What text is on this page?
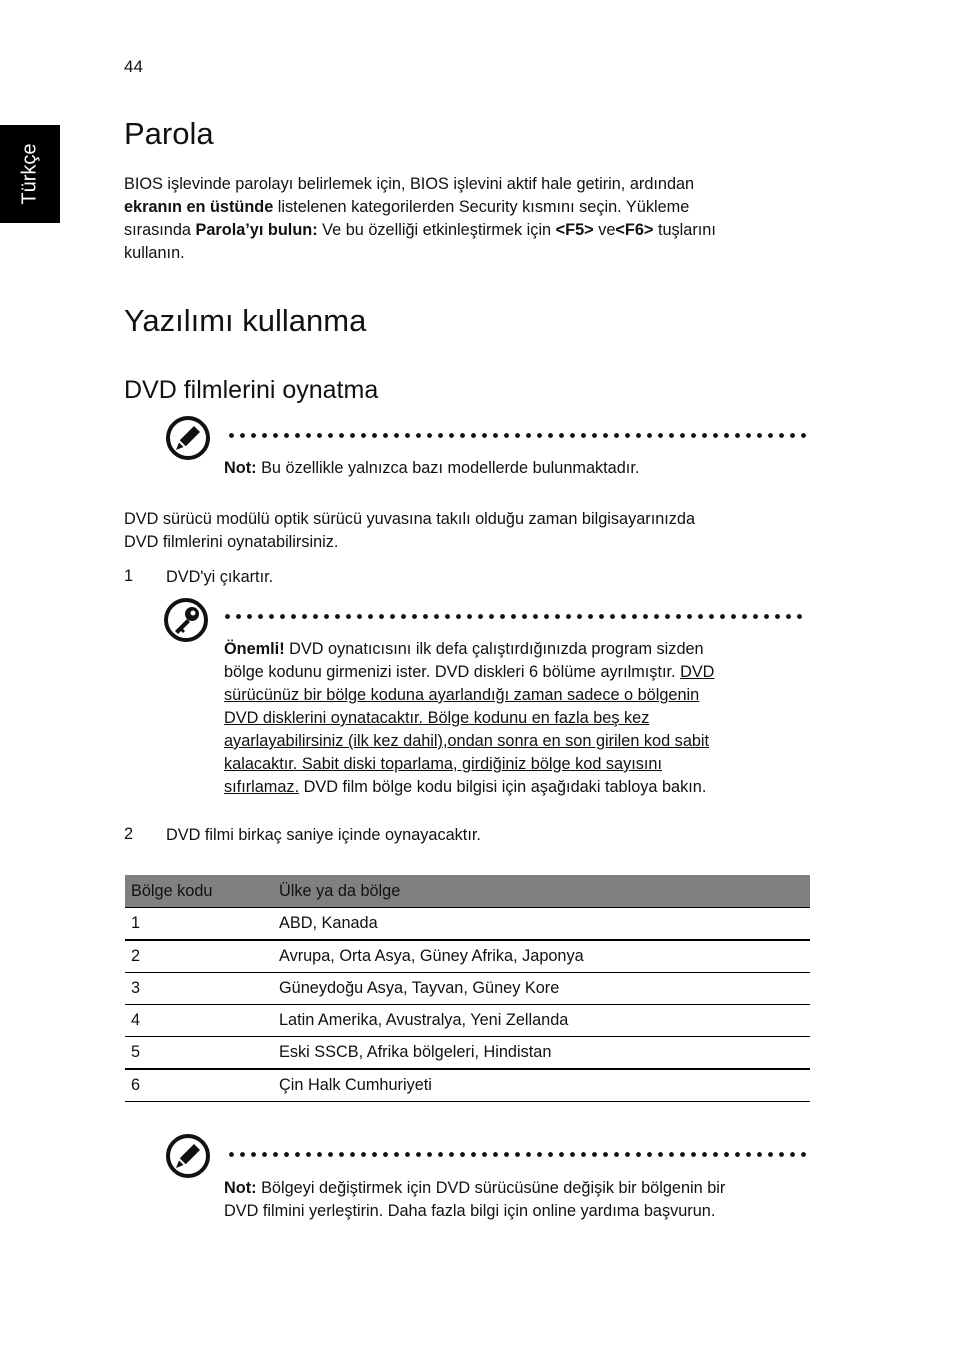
44
Türkçe
Parola

BIOS işlevinde parolayı belirlemek için, BIOS işlevini aktif hale getirin, ardından

ekranın en üstünde listelenen kategorilerden Security kısmını seçin. Yükleme

sırasında Parola’yı bulun: Ve bu özelliği etkinleştirmek için <F5> ve<F6> tuşlarını

kullanın.

Yazılımı kullanma
DVD filmlerini oynatma

Not: Bu özellikle yalnızca bazı modellerde bulunmaktadır.

DVD sürücü modülü optik sürücü yuvasına takılı olduğu zaman bilgisayarınızda

DVD filmlerini oynatabilirsiniz.

1 DVD'yi çıkartır.

Önemli! DVD oynatıcısını ilk defa çalıştırdığınızda program sizden

bölge kodunu girmenizi ister. DVD diskleri 6 bölüme ayrılmıştır. DVD

sürücünüz bir bölge koduna ayarlandığı zaman sadece o bölgenin

DVD disklerini oynatacaktır. Bölge kodunu en fazla beş kez

ayarlayabilirsiniz (ilk kez dahil),ondan sonra en son girilen kod sabit

kalacaktır. Sabit diski toparlama, girdiğiniz bölge kod sayısını

sıfırlamaz. DVD film bölge kodu bilgisi için aşağıdaki tabloya bakın.

2 DVD filmi birkaç saniye içinde oynayacaktır.
Bölge kodu	Ülke ya da bölge
1	ABD, Kanada
2	Avrupa, Orta Asya, Güney Afrika, Japonya
3	Güneydoğu Asya, Tayvan, Güney Kore
4	Latin Amerika, Avustralya, Yeni Zellanda
5	Eski SSCB, Afrika bölgeleri, Hindistan
6	Çin Halk Cumhuriyeti

Not: Bölgeyi değiştirmek için DVD sürücüsüne değişik bir bölgenin bir

DVD filmini yerleştirin. Daha fazla bilgi için online yardıma başvurun.
